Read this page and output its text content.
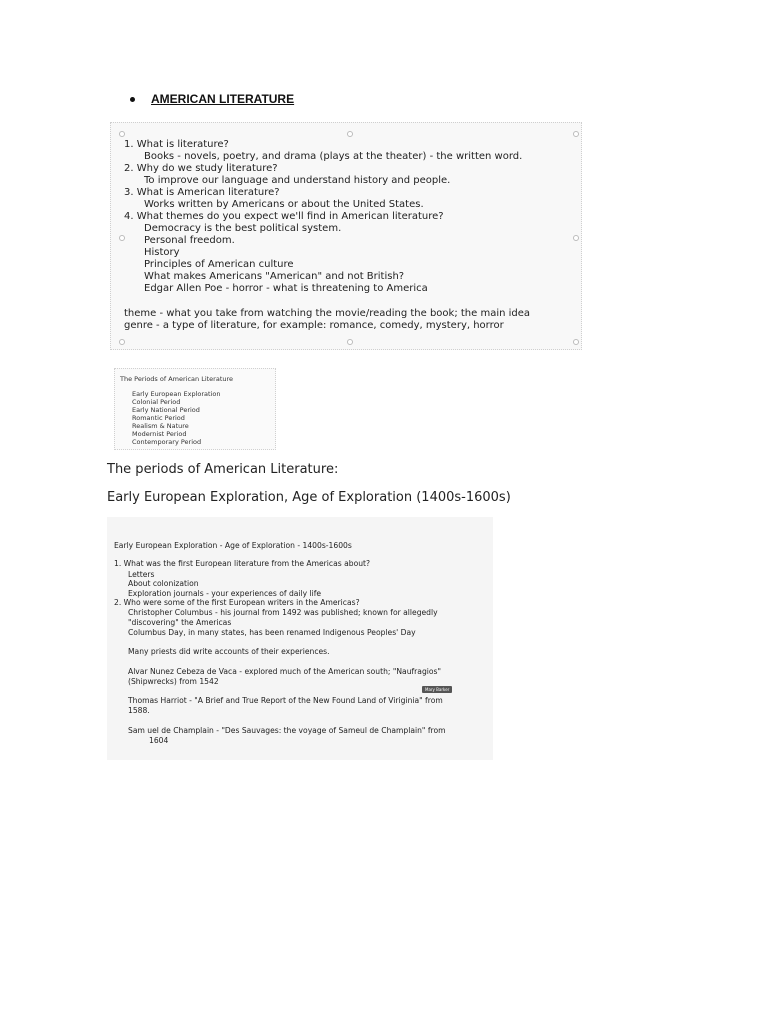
AMERICAN LITERATURE
1. What is literature?
Books - novels, poetry, and drama (plays at the theater) - the written word.
2. Why do we study literature?
To improve our language and understand history and people.
3. What is American literature?
Works written by Americans or about the United States.
4. What themes do you expect we'll find in American literature?
Democracy is the best political system.
Personal freedom.
History
Principles of American culture
What makes Americans "American" and not British?
Edgar Allen Poe - horror - what is threatening to America
theme - what you take from watching the movie/reading the book; the main idea
genre - a type of literature, for example: romance, comedy, mystery, horror
The Periods of American Literature
Early European Exploration
Colonial Period
Early National Period
Romantic Period
Realism & Nature
Modernist Period
Contemporary Period
The periods of American Literature:
Early European Exploration, Age of Exploration (1400s-1600s)
Early European Exploration - Age of Exploration - 1400s-1600s
1. What was the first European literature from the Americas about?
Letters
About colonization
Exploration journals - your experiences of daily life
2. Who were some of the first European writers in the Americas?
Christopher Columbus - his journal from 1492 was published; known for allegedly
"discovering" the Americas
Columbus Day, in many states, has been renamed Indigenous Peoples' Day
Many priests did write accounts of their experiences.
Alvar Nunez Cebeza de Vaca - explored much of the American south; "Naufragios"
(Shipwrecks) from 1542
Mary Barker
Thomas Harriot - "A Brief and True Report of the New Found Land of Viriginia" from
1588.
Sam uel de Champlain - "Des Sauvages: the voyage of Sameul de Champlain" from
1604
